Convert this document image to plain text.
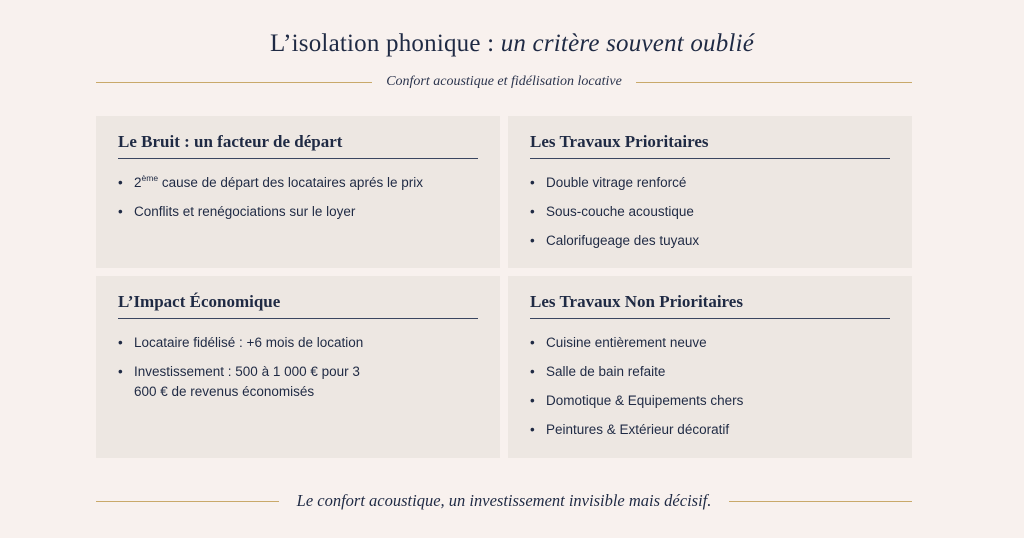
L’isolation phonique : un critère souvent oublié
Confort acoustique et fidélisation locative
Le Bruit : un facteur de départ
• 2ème cause de départ des locataires aprés le prix
• Conflits et renégociations sur le loyer
Les Travaux Prioritaires
• Double vitrage renforcé
• Sous-couche acoustique
• Calorifugeage des tuyaux
L’Impact Économique
• Locataire fidélisé : +6 mois de location
• Investissement : 500 à 1 000 € pour 3 600 € de revenus économisés
Les Travaux Non Prioritaires
• Cuisine entièrement neuve
• Salle de bain refaite
• Domotique & Equipements chers
• Peintures & Extérieur décoratif
Le confort acoustique, un investissement invisible mais décisif.
